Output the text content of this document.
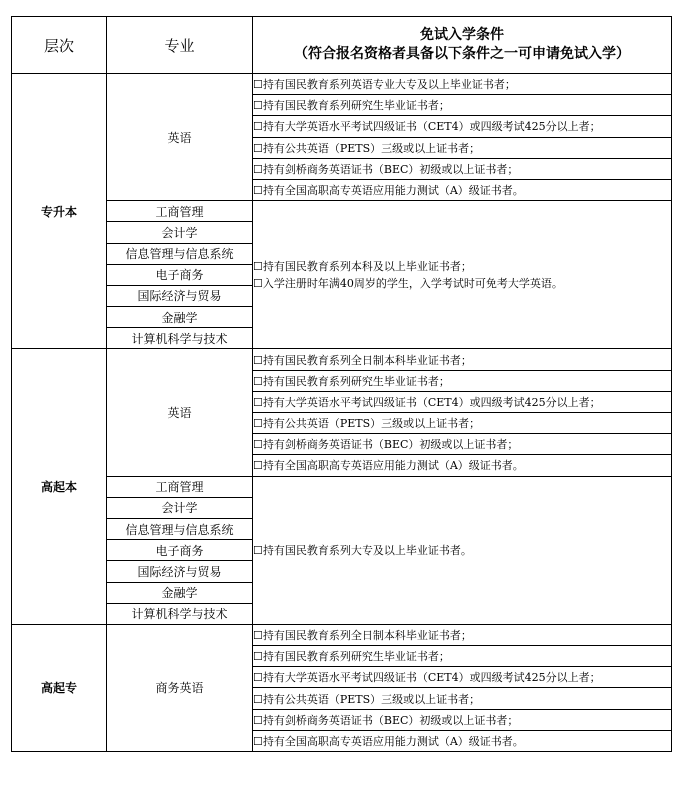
层次	专业	免试入学条件
（符合报名资格者具备以下条件之一可申请免试入学）

专升本	英语	☐持有国民教育系列英语专业大专及以上毕业证书者；
		☐持有国民教育系列研究生毕业证书者；
		☐持有大学英语水平考试四级证书（CET4）或四级考试425分以上者；
		☐持有公共英语（PETS）三级或以上证书者；
		☐持有剑桥商务英语证书（BEC）初级或以上证书者；
		☐持有全国高职高专英语应用能力测试（A）级证书者。
	工商管理	☐持有国民教育系列本科及以上毕业证书者；
☐入学注册时年满40周岁的学生，入学考试时可免考大学英语。

	会计学	
	信息管理与信息系统	
	电子商务	
	国际经济与贸易	
	金融学	
	计算机科学与技术	
高起本	英语	☐持有国民教育系列全日制本科毕业证书者；
		☐持有国民教育系列研究生毕业证书者；
		☐持有大学英语水平考试四级证书（CET4）或四级考试425分以上者；
		☐持有公共英语（PETS）三级或以上证书者；
		☐持有剑桥商务英语证书（BEC）初级或以上证书者；
		☐持有全国高职高专英语应用能力测试（A）级证书者。
	工商管理	☐持有国民教育系列大专及以上毕业证书者。

	会计学	
	信息管理与信息系统	
	电子商务	
	国际经济与贸易	
	金融学	
	计算机科学与技术	
高起专	商务英语	☐持有国民教育系列全日制本科毕业证书者；
		☐持有国民教育系列研究生毕业证书者；
		☐持有大学英语水平考试四级证书（CET4）或四级考试425分以上者；
		☐持有公共英语（PETS）三级或以上证书者；
		☐持有剑桥商务英语证书（BEC）初级或以上证书者；
		☐持有全国高职高专英语应用能力测试（A）级证书者。
